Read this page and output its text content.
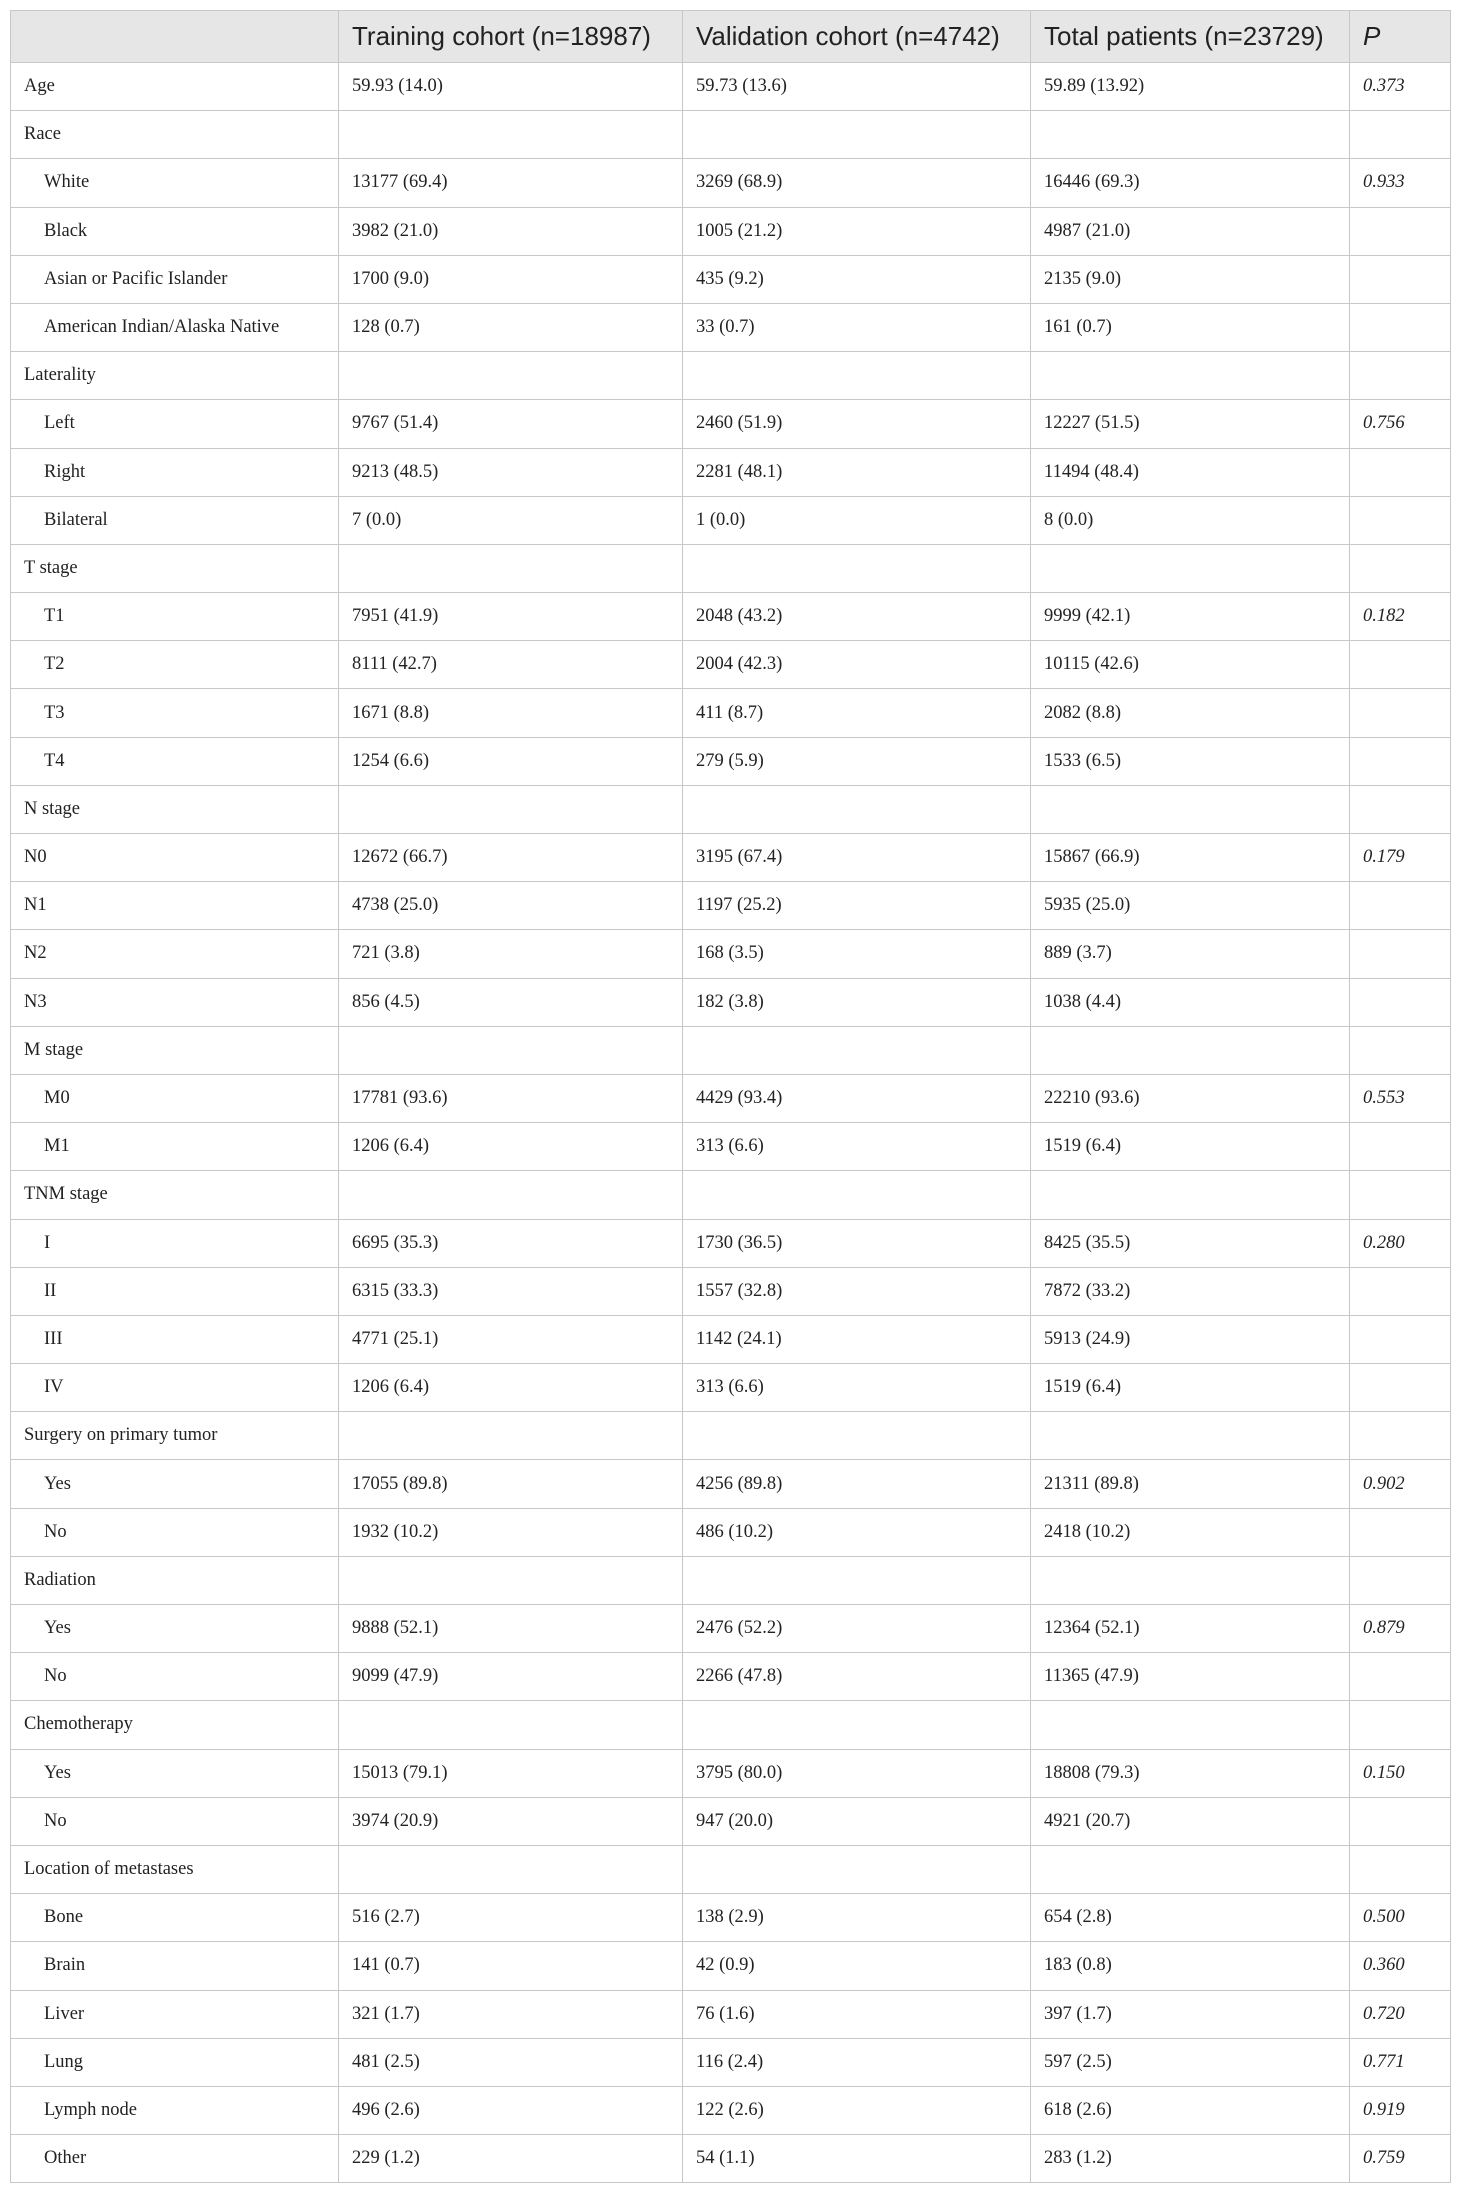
	Training cohort (n=18987)	Validation cohort (n=4742)	Total patients (n=23729)	P
Age	59.93 (14.0)	59.73 (13.6)	59.89 (13.92)	0.373
Race				
White	13177 (69.4)	3269 (68.9)	16446 (69.3)	0.933
Black	3982 (21.0)	1005 (21.2)	4987 (21.0)	
Asian or Pacific Islander	1700 (9.0)	435 (9.2)	2135 (9.0)	
American Indian/Alaska Native	128 (0.7)	33 (0.7)	161 (0.7)	
Laterality				
Left	9767 (51.4)	2460 (51.9)	12227 (51.5)	0.756
Right	9213 (48.5)	2281 (48.1)	11494 (48.4)	
Bilateral	7 (0.0)	1 (0.0)	8 (0.0)	
T stage				
T1	7951 (41.9)	2048 (43.2)	9999 (42.1)	0.182
T2	8111 (42.7)	2004 (42.3)	10115 (42.6)	
T3	1671 (8.8)	411 (8.7)	2082 (8.8)	
T4	1254 (6.6)	279 (5.9)	1533 (6.5)	
N stage				
N0	12672 (66.7)	3195 (67.4)	15867 (66.9)	0.179
N1	4738 (25.0)	1197 (25.2)	5935 (25.0)	
N2	721 (3.8)	168 (3.5)	889 (3.7)	
N3	856 (4.5)	182 (3.8)	1038 (4.4)	
M stage				
M0	17781 (93.6)	4429 (93.4)	22210 (93.6)	0.553
M1	1206 (6.4)	313 (6.6)	1519 (6.4)	
TNM stage				
I	6695 (35.3)	1730 (36.5)	8425 (35.5)	0.280
II	6315 (33.3)	1557 (32.8)	7872 (33.2)	
III	4771 (25.1)	1142 (24.1)	5913 (24.9)	
IV	1206 (6.4)	313 (6.6)	1519 (6.4)	
Surgery on primary tumor				
Yes	17055 (89.8)	4256 (89.8)	21311 (89.8)	0.902
No	1932 (10.2)	486 (10.2)	2418 (10.2)	
Radiation				
Yes	9888 (52.1)	2476 (52.2)	12364 (52.1)	0.879
No	9099 (47.9)	2266 (47.8)	11365 (47.9)	
Chemotherapy				
Yes	15013 (79.1)	3795 (80.0)	18808 (79.3)	0.150
No	3974 (20.9)	947 (20.0)	4921 (20.7)	
Location of metastases				
Bone	516 (2.7)	138 (2.9)	654 (2.8)	0.500
Brain	141 (0.7)	42 (0.9)	183 (0.8)	0.360
Liver	321 (1.7)	76 (1.6)	397 (1.7)	0.720
Lung	481 (2.5)	116 (2.4)	597 (2.5)	0.771
Lymph node	496 (2.6)	122 (2.6)	618 (2.6)	0.919
Other	229 (1.2)	54 (1.1)	283 (1.2)	0.759
